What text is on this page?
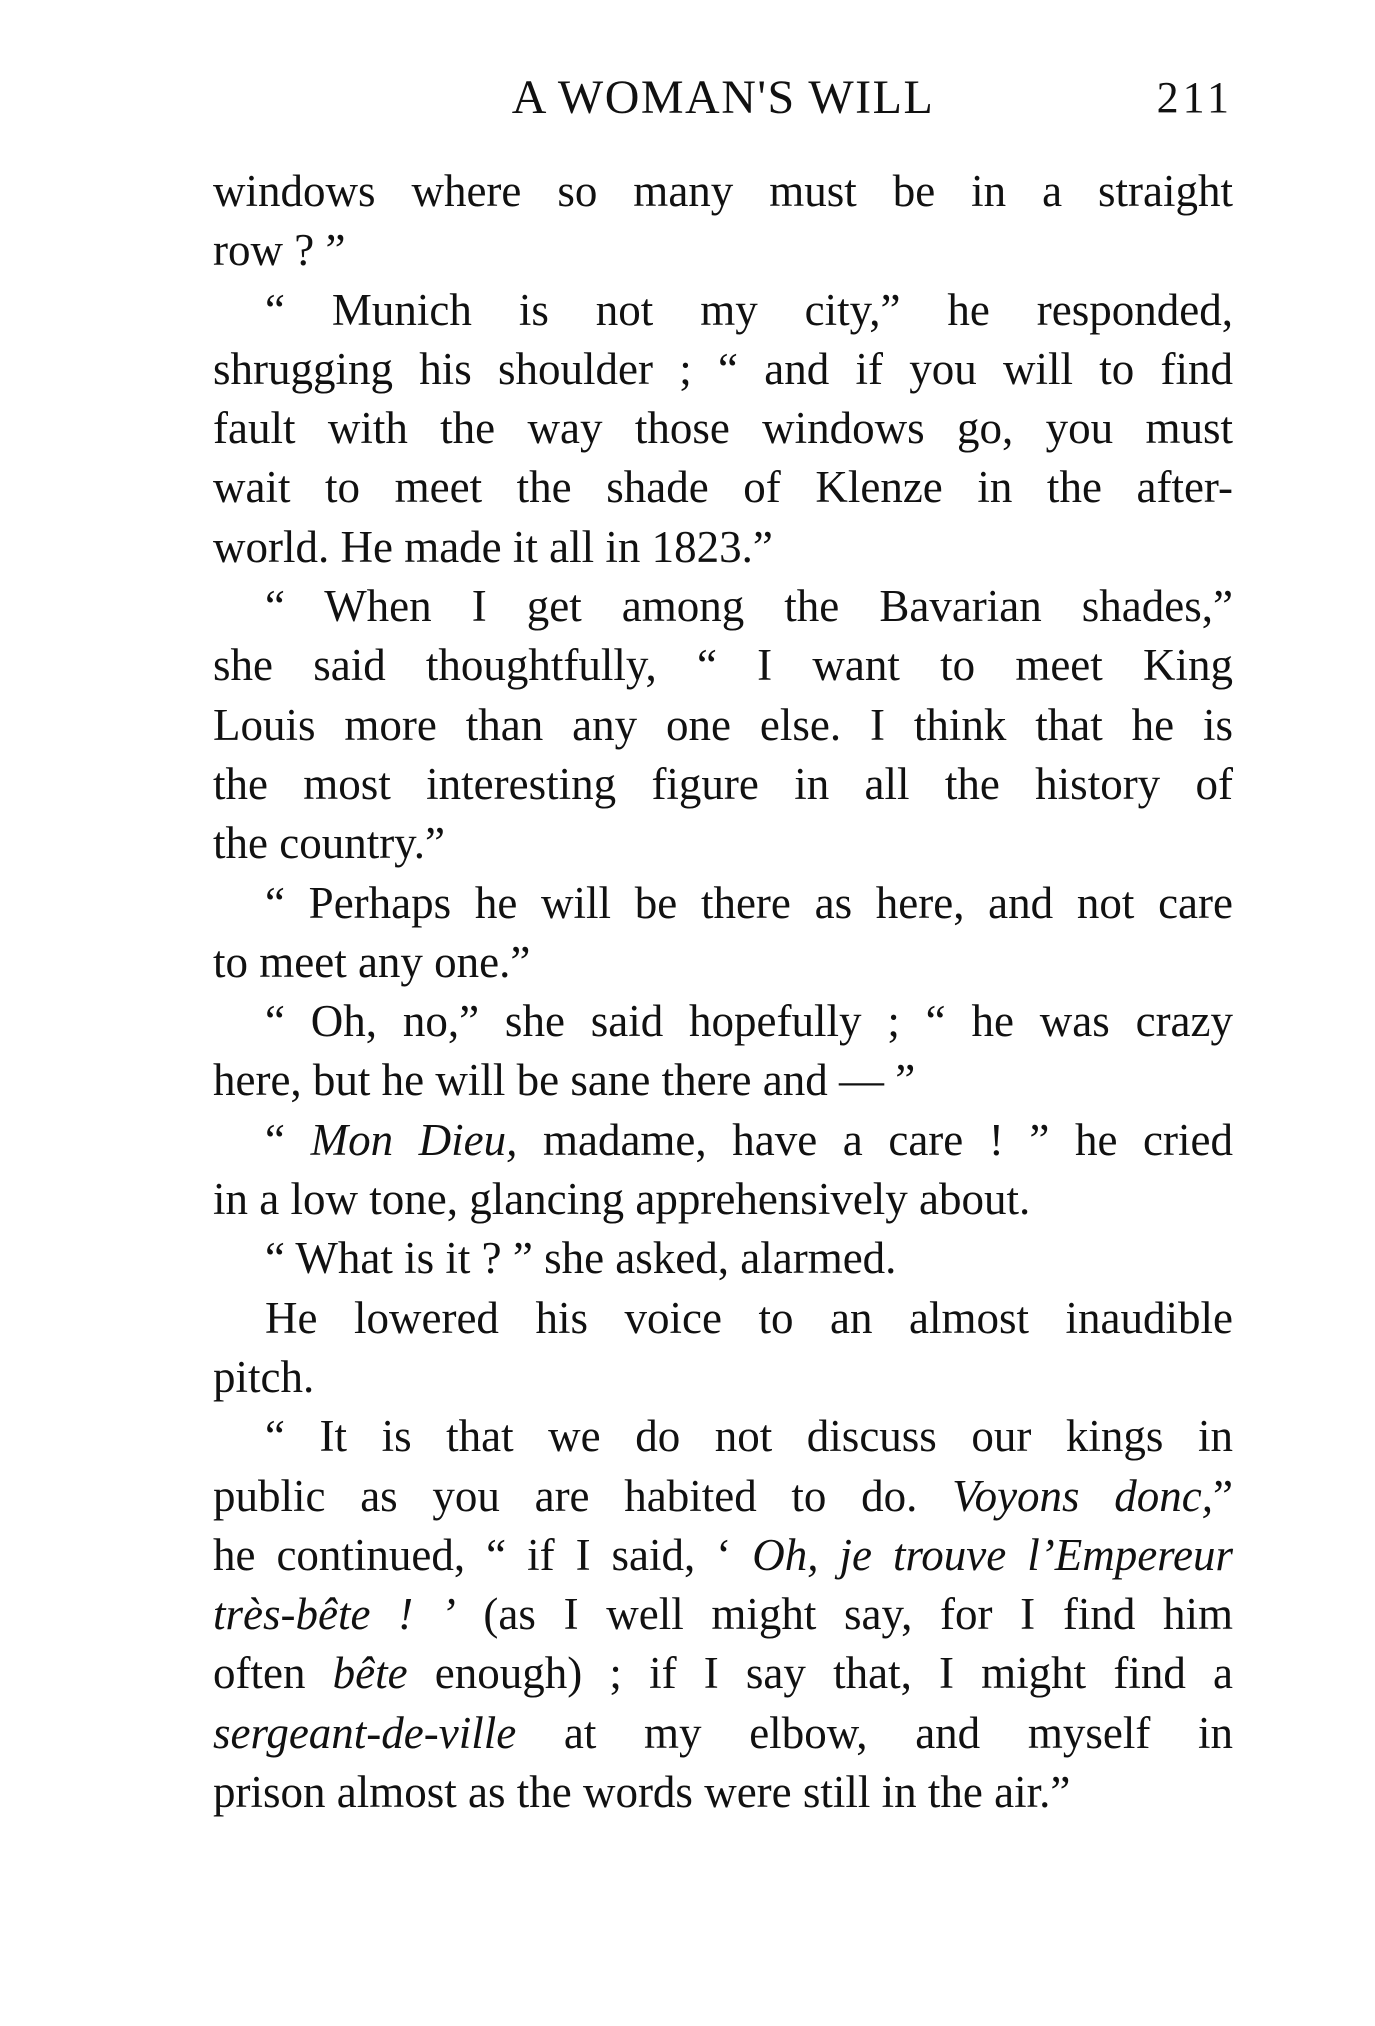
A WOMAN'S WILL	211
windows where so many must be in a straight
row ? ”
“ Munich is not my city,” he responded,
shrugging his shoulder ; “ and if you will to find
fault with the way those windows go, you must
wait to meet the shade of Klenze in the after-
world. He made it all in 1823.”
“ When I get among the Bavarian shades,”
she said thoughtfully, “ I want to meet King
Louis more than any one else. I think that he is
the most interesting figure in all the history of
the country.”
“ Perhaps he will be there as here, and not care
to meet any one.”
“ Oh, no,” she said hopefully ; “ he was crazy
here, but he will be sane there and — ”
“ Mon Dieu, madame, have a care ! ” he cried
in a low tone, glancing apprehensively about.
“ What is it ? ” she asked, alarmed.
He lowered his voice to an almost inaudible
pitch.
“ It is that we do not discuss our kings in
public as you are habited to do. Voyons donc,”
he continued, “ if I said, ‘ Oh, je trouve l’Empereur
très-bête ! ’ (as I well might say, for I find him
often bête enough) ; if I say that, I might find a
sergeant-de-ville at my elbow, and myself in
prison almost as the words were still in the air.”
